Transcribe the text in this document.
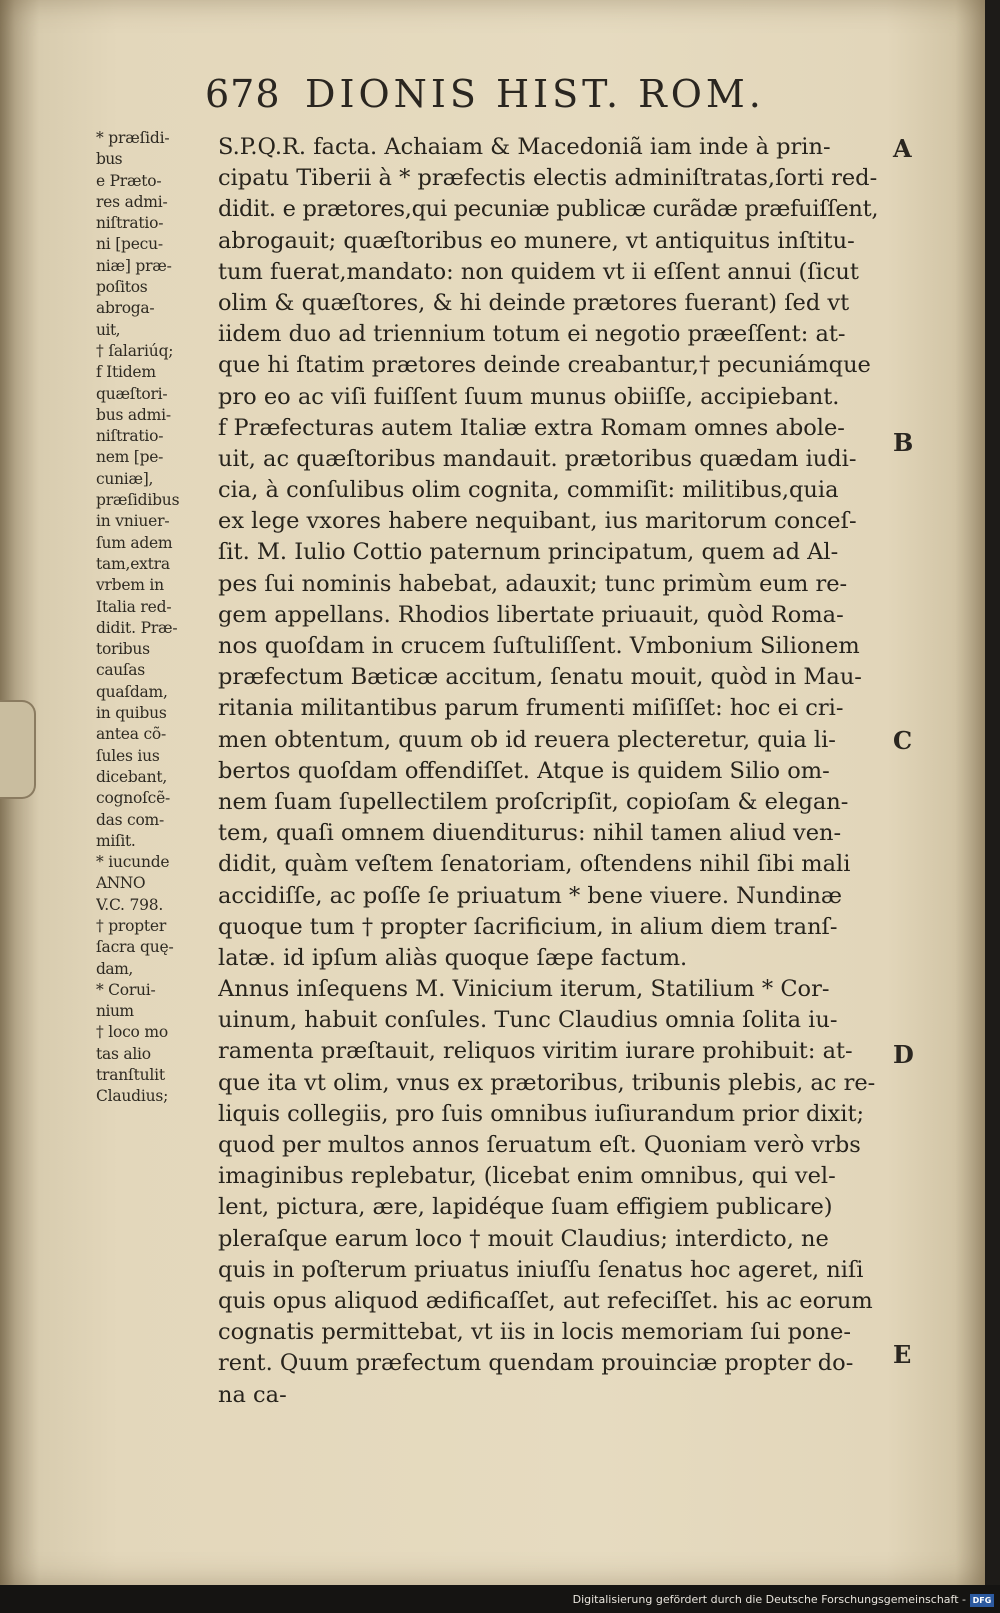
678 DIONIS HIST. ROM.
* præſidi-
bus
e Prætο-
res admi-
niſtratio-
ni [pecu-
niæ] præ-
poſitos
abroga-
uit,
† ſalariúq;
f Itidem
quæſtori-
bus admi-
niſtratio-
nem [pe-
cuniæ],
præſidibus
in vniuer-
ſum adem
tam,extra
vrbem in
Italia red-
didit. Præ-
toribus
cauſas
quaſdam,
in quibus
antea cõ-
ſules ius
dicebant,
cognoſcẽ-
das com-
miſit.
* iucunde
ANNO
V.C. 798.
† propter
ſacra quę-
dam,
* Corui-
nium
† loco mo
tas alio
tranſtulit
Claudius;
S.P.Q.R. facta. Achaiam & Macedoniã iam inde à prin-
cipatu Tiberii à * præfectis electis adminiſtratas,ſorti red-
didit. e prætores,qui pecuniæ publicæ curãdæ præfuiſſent,
abrogauit; quæſtoribus eo munere, vt antiquitus inſtitu-
tum fuerat,mandato: non quidem vt ii eſſent annui (ſicut
olim & quæſtores, & hi deinde prætores fuerant) ſed vt
iidem duo ad triennium totum ei negotio præeſſent: at-
que hi ſtatim prætores deinde creabantur,† pecuniámque
pro eo ac viſi fuiſſent ſuum munus obiiſſe, accipiebant.
f Præfecturas autem Italiæ extra Romam omnes abole-
uit, ac quæſtoribus mandauit. prætoribus quædam iudi-
cia, à conſulibus olim cognita, commiſit: militibus,quia
ex lege vxores habere nequibant, ius maritorum conceſ-
ſit. M. Iulio Cottio paternum principatum, quem ad Al-
pes ſui nominis habebat, adauxit; tunc primùm eum re-
gem appellans. Rhodios libertate priuauit, quòd Roma-
nos quoſdam in crucem ſuſtuliſſent. Vmbonium Silionem
præfectum Bæticæ accitum, ſenatu mouit, quòd in Mau-
ritania militantibus parum frumenti miſiſſet: hoc ei cri-
men obtentum, quum ob id reuera plecteretur, quia li-
bertos quoſdam offendiſſet. Atque is quidem Silio om-
nem ſuam ſupellectilem proſcripſit, copioſam & elegan-
tem, quaſi omnem diuenditurus: nihil tamen aliud ven-
didit, quàm veſtem ſenatoriam, oſtendens nihil ſibi mali
accidiſſe, ac poſſe ſe priuatum * bene viuere. Nundinæ
quoque tum † propter ſacrificium, in alium diem tranſ-
latæ. id ipſum aliàs quoque ſæpe factum.
Annus inſequens M. Vinicium iterum, Statilium * Cor-
uinum, habuit conſules. Tunc Claudius omnia ſolita iu-
ramenta præſtauit, reliquos viritim iurare prohibuit: at-
que ita vt olim, vnus ex prætoribus, tribunis plebis, ac re-
liquis collegiis, pro ſuis omnibus iuſiurandum prior dixit;
quod per multos annos ſeruatum eſt. Quoniam verò vrbs
imaginibus replebatur, (licebat enim omnibus, qui vel-
lent, pictura, ære, lapidéque ſuam effigiem publicare)
pleraſque earum loco † mouit Claudius; interdicto, ne
quis in poſterum priuatus iniuſſu ſenatus hoc ageret, niſi
quis opus aliquod ædificaſſet, aut refeciſſet. his ac eorum
cognatis permittebat, vt iis in locis memoriam ſui pone-
rent. Quum præfectum quendam prouinciæ propter do-
na ca-
A
B
C
D
E
Digitalisierung gefördert durch die Deutsche Forschungsgemeinschaft - DFG
